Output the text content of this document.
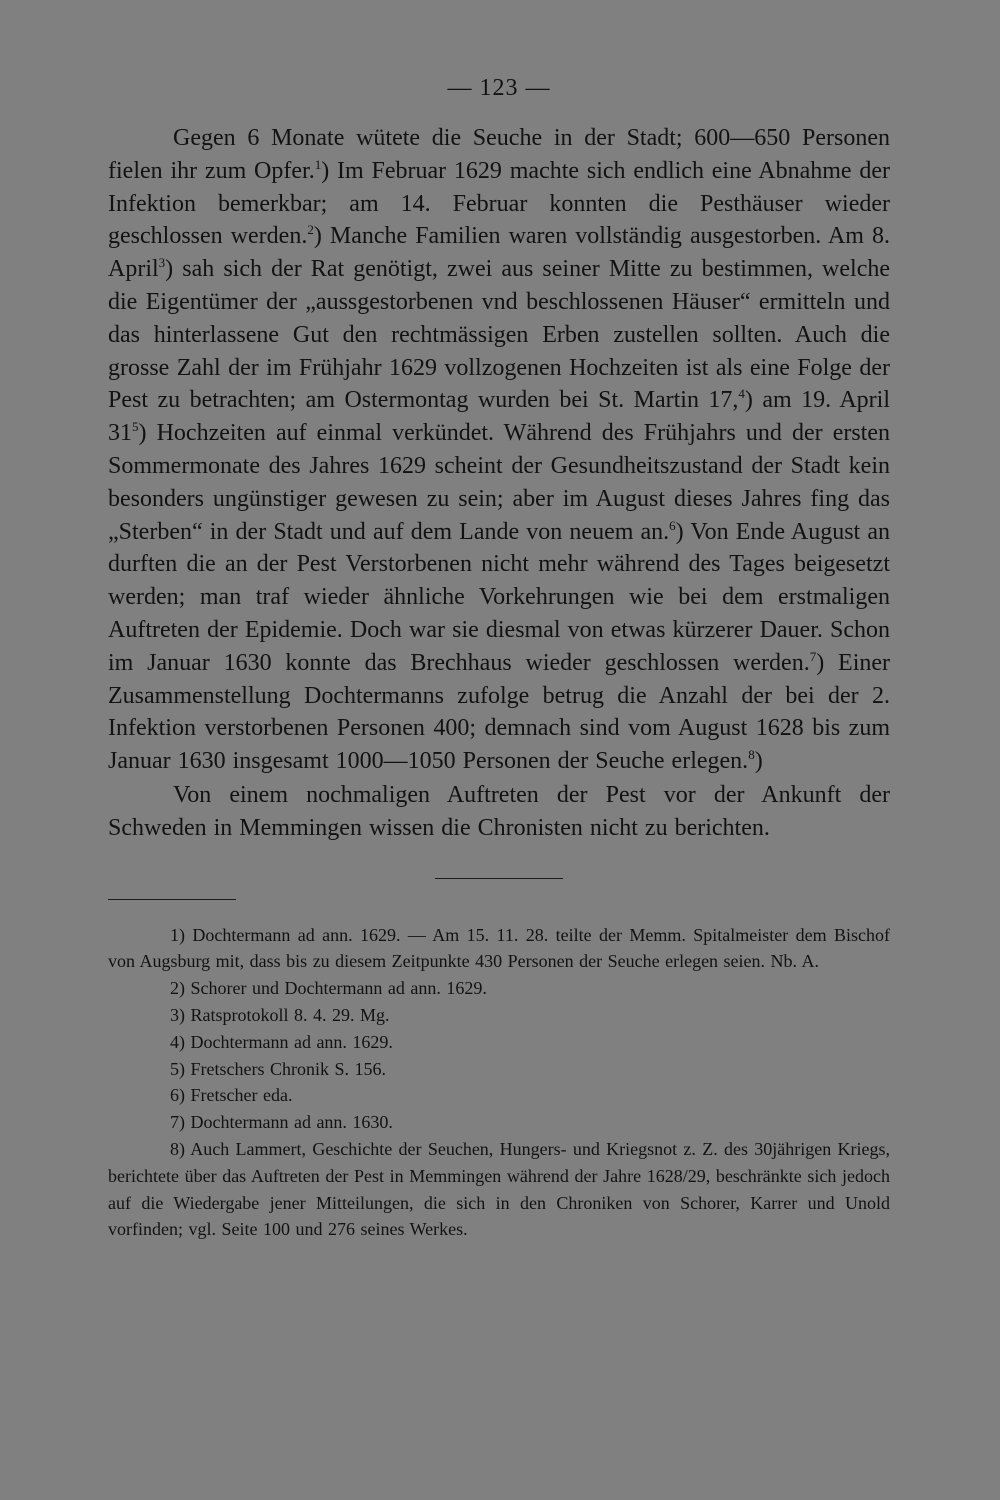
— 123 —

Gegen 6 Monate wütete die Seuche in der Stadt; 600—650 Personen fielen ihr zum Opfer.$^1$) Im Februar 1629 machte sich endlich eine Abnahme der Infektion bemerkbar; am 14. Februar konnten die Pesthäuser wieder geschlossen werden.$^2$) Manche Familien waren vollständig ausgestorben. Am 8. April$^3$) sah sich der Rat genötigt, zwei aus seiner Mitte zu bestimmen, welche die Eigentümer der „aussgestorbenen vnd beschlossenen Häuser“ ermitteln und das hinterlassene Gut den rechtmässigen Erben zustellen sollten. Auch die grosse Zahl der im Frühjahr 1629 vollzogenen Hochzeiten ist als eine Folge der Pest zu betrachten; am Ostermontag wurden bei St. Martin 17,$^4$) am 19. April $31^5$) Hochzeiten auf einmal verkündet. Während des Frühjahrs und der ersten Sommermonate des Jahres 1629 scheint der Gesundheitszustand der Stadt kein besonders ungünstiger gewesen zu sein; aber im August dieses Jahres fing das „Sterben“ in der Stadt und auf dem Lande von neuem an.$^6$) Von Ende August an durften die an der Pest Verstorbenen nicht mehr während des Tages beigesetzt werden; man traf wieder ähnliche Vorkehrungen wie bei dem erstmaligen Auftreten der Epidemie. Doch war sie diesmal von etwas kürzerer Dauer. Schon im Januar 1630 konnte das Brechhaus wieder geschlossen werden.$^7$) Einer Zusammenstellung Dochtermanns zufolge betrug die Anzahl der bei der 2. Infektion verstorbenen Personen 400; demnach sind vom August 1628 bis zum Januar 1630 insgesamt 1000—1050 Personen der Seuche erlegen.$^8$)

Von einem nochmaligen Auftreten der Pest vor der Ankunft der Schweden in Memmingen wissen die Chronisten nicht zu berichten.

1) Dochtermann ad ann. 1629. — Am 15. 11. 28. teilte der Memm. Spitalmeister dem Bischof von Augsburg mit, dass bis zu diesem Zeitpunkte 430 Personen der Seuche erlegen seien. Nb. A.

2) Schorer und Dochtermann ad ann. 1629.

3) Ratsprotokoll 8. 4. 29. Mg.

4) Dochtermann ad ann. 1629.

5) Fretschers Chronik S. 156.

6) Fretscher eda.

7) Dochtermann ad ann. 1630.

8) Auch Lammert, Geschichte der Seuchen, Hungers- und Kriegsnot z. Z. des 30jährigen Kriegs, berichtete über das Auftreten der Pest in Memmingen während der Jahre 1628/29, beschränkte sich jedoch auf die Wiedergabe jener Mitteilungen, die sich in den Chroniken von Schorer, Karrer und Unold vorfinden; vgl. Seite 100 und 276 seines Werkes.
